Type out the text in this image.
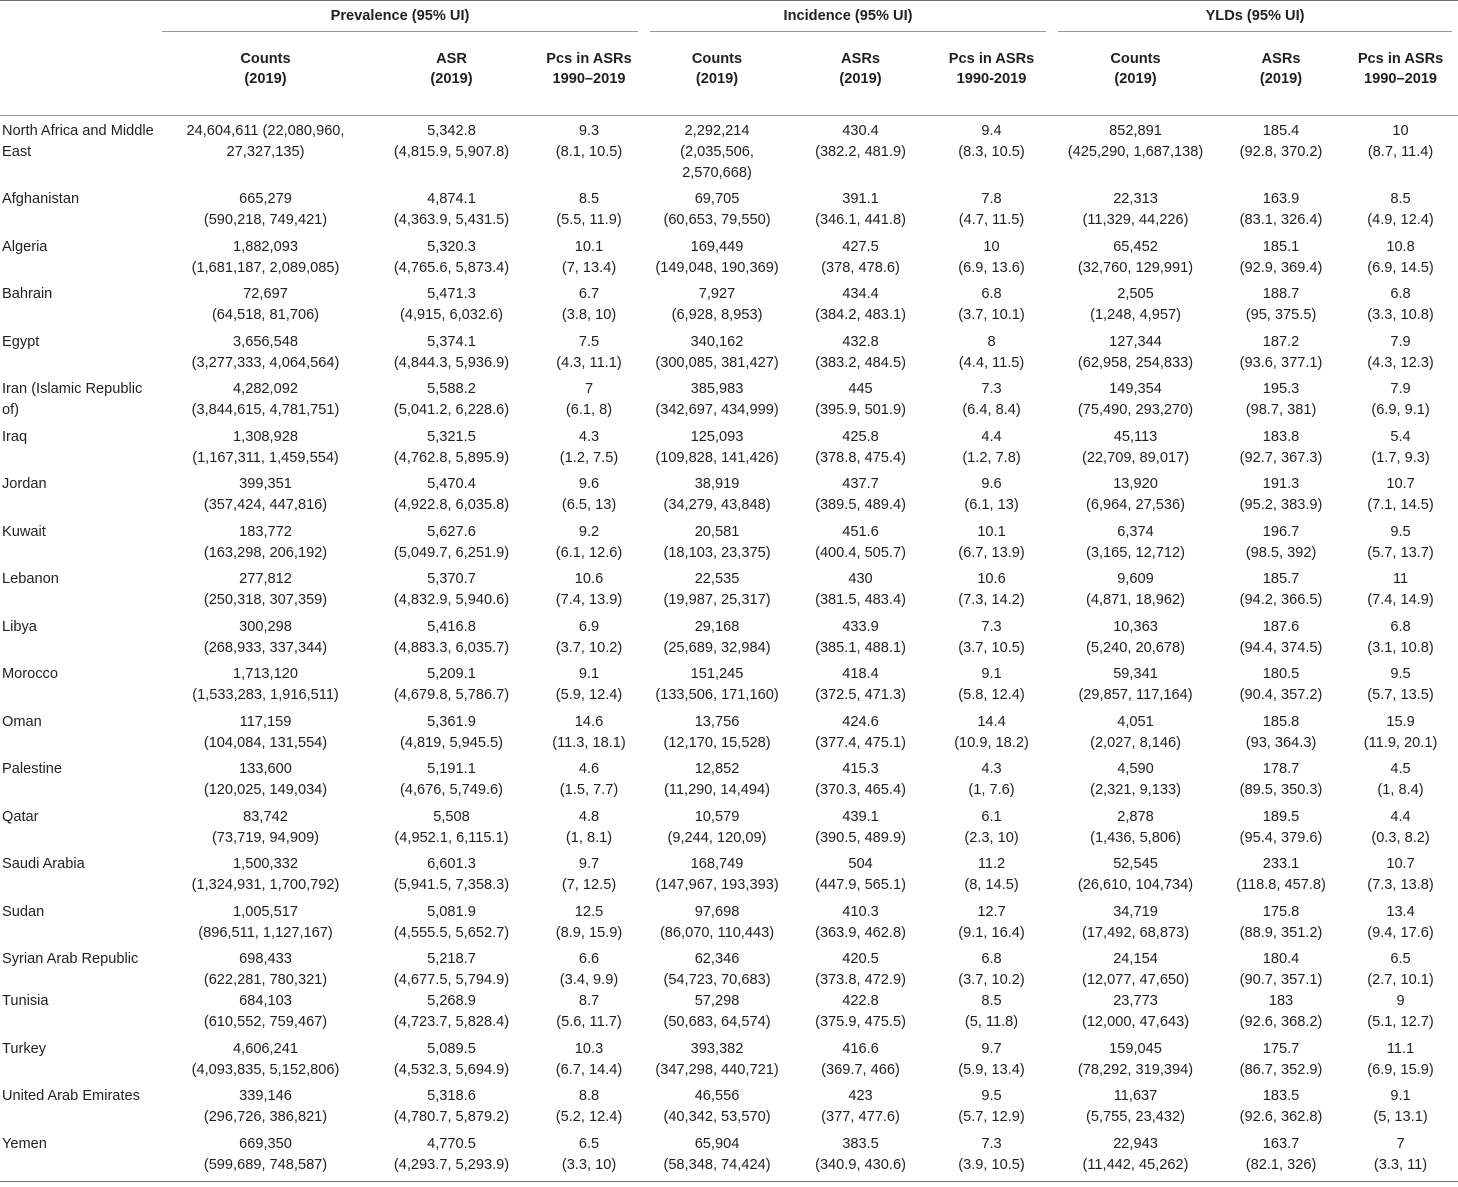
	Prevalence (95% UI)			Incidence (95% UI)			YLDs (95% UI)		

	Counts
(2019)	ASR
(2019)	Pcs in ASRs
1990–2019	Counts
(2019)	ASRs
(2019)	Pcs in ASRs
1990-2019	Counts
(2019)	ASRs
(2019)	Pcs in ASRs
1990–2019

North Africa and Middle East	24,604,611 (22,080,960,
27,327,135)	5,342.8
(4,815.9, 5,907.8)	9.3
(8.1, 10.5)	2,292,214
(2,035,506,
2,570,668)	430.4
(382.2, 481.9)	9.4
(8.3, 10.5)	852,891
(425,290, 1,687,138)	185.4
(92.8, 370.2)	10
(8.7, 11.4)

Afghanistan	665,279
(590,218, 749,421)	4,874.1
(4,363.9, 5,431.5)	8.5
(5.5, 11.9)	69,705
(60,653, 79,550)	391.1
(346.1, 441.8)	7.8
(4.7, 11.5)	22,313
(11,329, 44,226)	163.9
(83.1, 326.4)	8.5
(4.9, 12.4)

Algeria	1,882,093
(1,681,187, 2,089,085)	5,320.3
(4,765.6, 5,873.4)	10.1
(7, 13.4)	169,449
(149,048, 190,369)	427.5
(378, 478.6)	10
(6.9, 13.6)	65,452
(32,760, 129,991)	185.1
(92.9, 369.4)	10.8
(6.9, 14.5)

Bahrain	72,697
(64,518, 81,706)	5,471.3
(4,915, 6,032.6)	6.7
(3.8, 10)	7,927
(6,928, 8,953)	434.4
(384.2, 483.1)	6.8
(3.7, 10.1)	2,505
(1,248, 4,957)	188.7
(95, 375.5)	6.8
(3.3, 10.8)

Egypt	3,656,548
(3,277,333, 4,064,564)	5,374.1
(4,844.3, 5,936.9)	7.5
(4.3, 11.1)	340,162
(300,085, 381,427)	432.8
(383.2, 484.5)	8
(4.4, 11.5)	127,344
(62,958, 254,833)	187.2
(93.6, 377.1)	7.9
(4.3, 12.3)

Iran (Islamic Republic of)	4,282,092
(3,844,615, 4,781,751)	5,588.2
(5,041.2, 6,228.6)	7
(6.1, 8)	385,983
(342,697, 434,999)	445
(395.9, 501.9)	7.3
(6.4, 8.4)	149,354
(75,490, 293,270)	195.3
(98.7, 381)	7.9
(6.9, 9.1)

Iraq	1,308,928
(1,167,311, 1,459,554)	5,321.5
(4,762.8, 5,895.9)	4.3
(1.2, 7.5)	125,093
(109,828, 141,426)	425.8
(378.8, 475.4)	4.4
(1.2, 7.8)	45,113
(22,709, 89,017)	183.8
(92.7, 367.3)	5.4
(1.7, 9.3)

Jordan	399,351
(357,424, 447,816)	5,470.4
(4,922.8, 6,035.8)	9.6
(6.5, 13)	38,919
(34,279, 43,848)	437.7
(389.5, 489.4)	9.6
(6.1, 13)	13,920
(6,964, 27,536)	191.3
(95.2, 383.9)	10.7
(7.1, 14.5)

Kuwait	183,772
(163,298, 206,192)	5,627.6
(5,049.7, 6,251.9)	9.2
(6.1, 12.6)	20,581
(18,103, 23,375)	451.6
(400.4, 505.7)	10.1
(6.7, 13.9)	6,374
(3,165, 12,712)	196.7
(98.5, 392)	9.5
(5.7, 13.7)

Lebanon	277,812
(250,318, 307,359)	5,370.7
(4,832.9, 5,940.6)	10.6
(7.4, 13.9)	22,535
(19,987, 25,317)	430
(381.5, 483.4)	10.6
(7.3, 14.2)	9,609
(4,871, 18,962)	185.7
(94.2, 366.5)	11
(7.4, 14.9)

Libya	300,298
(268,933, 337,344)	5,416.8
(4,883.3, 6,035.7)	6.9
(3.7, 10.2)	29,168
(25,689, 32,984)	433.9
(385.1, 488.1)	7.3
(3.7, 10.5)	10,363
(5,240, 20,678)	187.6
(94.4, 374.5)	6.8
(3.1, 10.8)

Morocco	1,713,120
(1,533,283, 1,916,511)	5,209.1
(4,679.8, 5,786.7)	9.1
(5.9, 12.4)	151,245
(133,506, 171,160)	418.4
(372.5, 471.3)	9.1
(5.8, 12.4)	59,341
(29,857, 117,164)	180.5
(90.4, 357.2)	9.5
(5.7, 13.5)

Oman	117,159
(104,084, 131,554)	5,361.9
(4,819, 5,945.5)	14.6
(11.3, 18.1)	13,756
(12,170, 15,528)	424.6
(377.4, 475.1)	14.4
(10.9, 18.2)	4,051
(2,027, 8,146)	185.8
(93, 364.3)	15.9
(11.9, 20.1)

Palestine	133,600
(120,025, 149,034)	5,191.1
(4,676, 5,749.6)	4.6
(1.5, 7.7)	12,852
(11,290, 14,494)	415.3
(370.3, 465.4)	4.3
(1, 7.6)	4,590
(2,321, 9,133)	178.7
(89.5, 350.3)	4.5
(1, 8.4)

Qatar	83,742
(73,719, 94,909)	5,508
(4,952.1, 6,115.1)	4.8
(1, 8.1)	10,579
(9,244, 120,09)	439.1
(390.5, 489.9)	6.1
(2.3, 10)	2,878
(1,436, 5,806)	189.5
(95.4, 379.6)	4.4
(0.3, 8.2)

Saudi Arabia	1,500,332
(1,324,931, 1,700,792)	6,601.3
(5,941.5, 7,358.3)	9.7
(7, 12.5)	168,749
(147,967, 193,393)	504
(447.9, 565.1)	11.2
(8, 14.5)	52,545
(26,610, 104,734)	233.1
(118.8, 457.8)	10.7
(7.3, 13.8)

Sudan	1,005,517
(896,511, 1,127,167)	5,081.9
(4,555.5, 5,652.7)	12.5
(8.9, 15.9)	97,698
(86,070, 110,443)	410.3
(363.9, 462.8)	12.7
(9.1, 16.4)	34,719
(17,492, 68,873)	175.8
(88.9, 351.2)	13.4
(9.4, 17.6)

Syrian Arab Republic	698,433
(622,281, 780,321)	5,218.7
(4,677.5, 5,794.9)	6.6
(3.4, 9.9)	62,346
(54,723, 70,683)	420.5
(373.8, 472.9)	6.8
(3.7, 10.2)	24,154
(12,077, 47,650)	180.4
(90.7, 357.1)	6.5
(2.7, 10.1)

Tunisia	684,103
(610,552, 759,467)	5,268.9
(4,723.7, 5,828.4)	8.7
(5.6, 11.7)	57,298
(50,683, 64,574)	422.8
(375.9, 475.5)	8.5
(5, 11.8)	23,773
(12,000, 47,643)	183
(92.6, 368.2)	9
(5.1, 12.7)

Turkey	4,606,241
(4,093,835, 5,152,806)	5,089.5
(4,532.3, 5,694.9)	10.3
(6.7, 14.4)	393,382
(347,298, 440,721)	416.6
(369.7, 466)	9.7
(5.9, 13.4)	159,045
(78,292, 319,394)	175.7
(86.7, 352.9)	11.1
(6.9, 15.9)

United Arab Emirates	339,146
(296,726, 386,821)	5,318.6
(4,780.7, 5,879.2)	8.8
(5.2, 12.4)	46,556
(40,342, 53,570)	423
(377, 477.6)	9.5
(5.7, 12.9)	11,637
(5,755, 23,432)	183.5
(92.6, 362.8)	9.1
(5, 13.1)

Yemen	669,350
(599,689, 748,587)	4,770.5
(4,293.7, 5,293.9)	6.5
(3.3, 10)	65,904
(58,348, 74,424)	383.5
(340.9, 430.6)	7.3
(3.9, 10.5)	22,943
(11,442, 45,262)	163.7
(82.1, 326)	7
(3.3, 11)
